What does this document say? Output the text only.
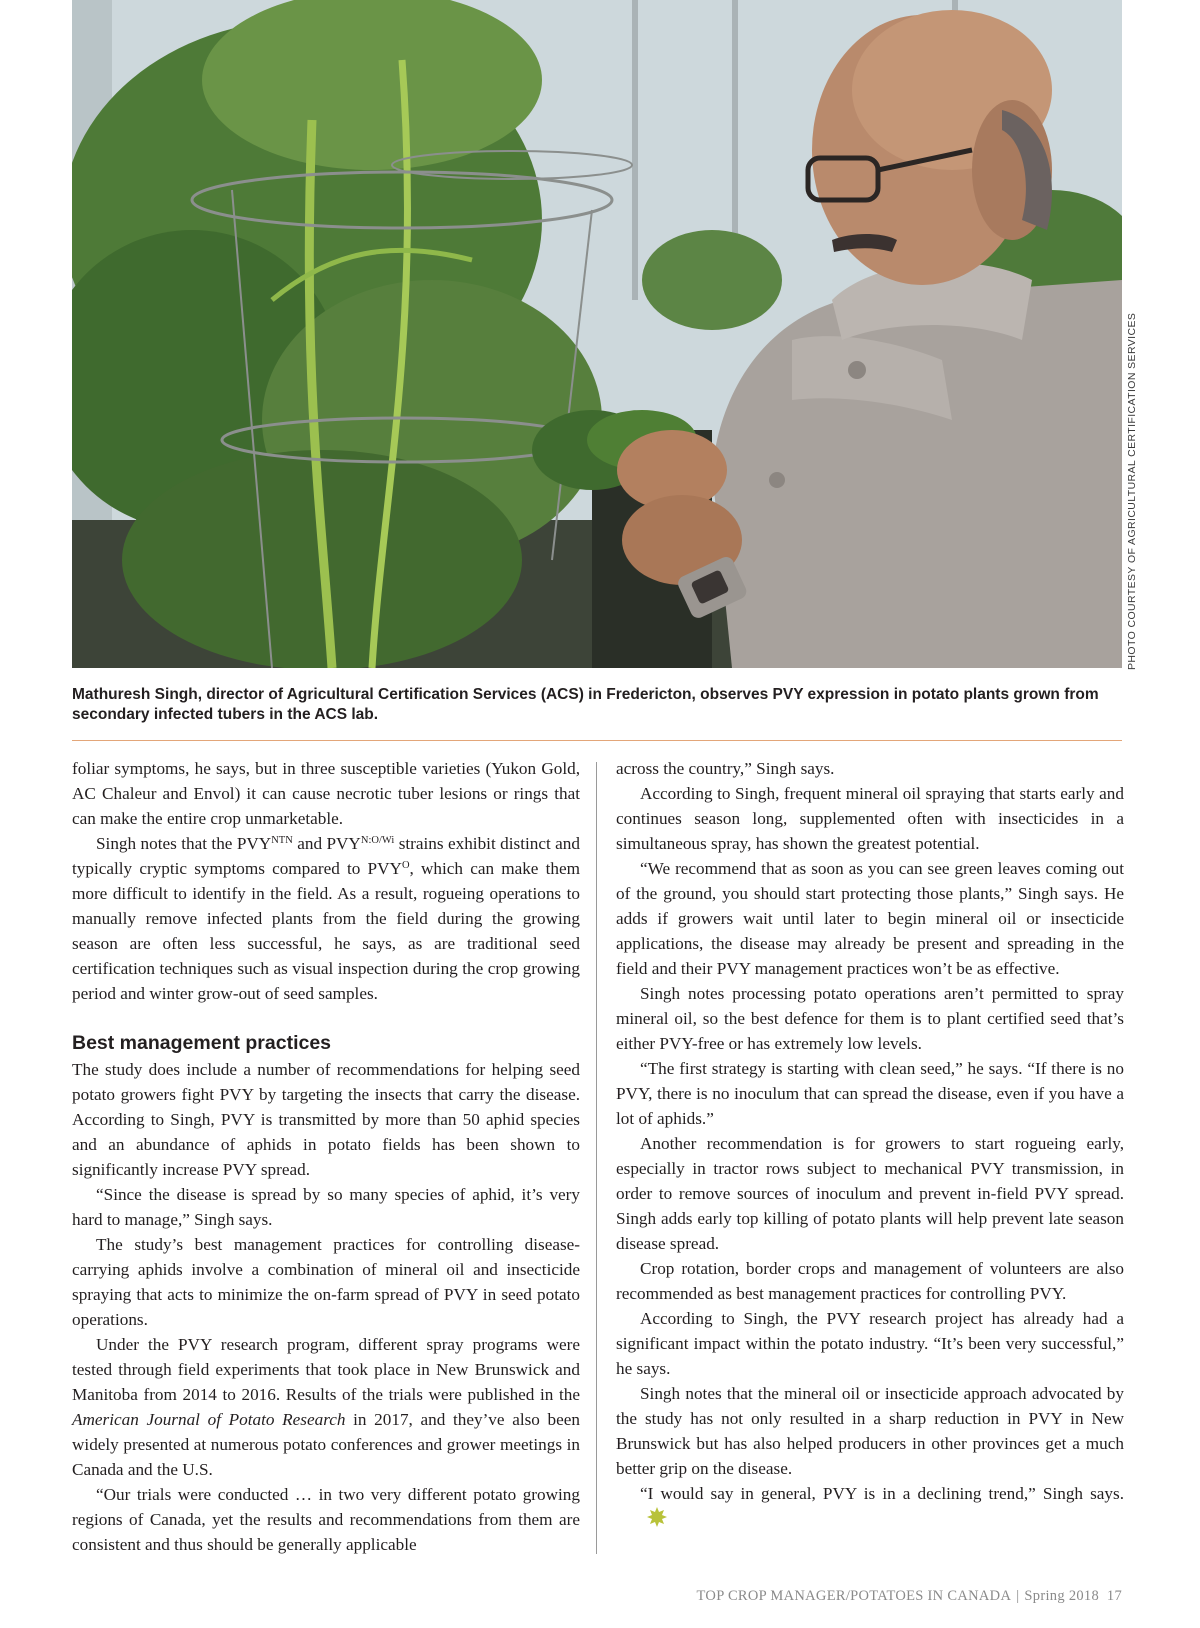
PHOTO COURTESY OF AGRICULTURAL CERTIFICATION SERVICES
Mathuresh Singh, director of Agricultural Certification Services (ACS) in Fredericton, observes PVY expression in potato plants grown from secondary infected tubers in the ACS lab.

foliar symptoms, he says, but in three susceptible varieties (Yukon Gold, AC Chaleur and Envol) it can cause necrotic tuber lesions or rings that can make the entire crop unmarketable.

Singh notes that the $PVY^{NTN}$ and $PVY^{N:O/Wi}$ strains exhibit distinct and typically cryptic symptoms compared to $PVY^O$, which can make them more difficult to identify in the field. As a result, rogueing operations to manually remove infected plants from the field during the growing season are often less successful, he says, as are traditional seed certification techniques such as visual inspection during the crop growing period and winter grow-out of seed samples.

Best management practices

The study does include a number of recommendations for helping seed potato growers fight PVY by targeting the insects that carry the disease. According to Singh, PVY is transmitted by more than 50 aphid species and an abundance of aphids in potato fields has been shown to significantly increase PVY spread.

“Since the disease is spread by so many species of aphid, it’s very hard to manage,” Singh says.

The study’s best management practices for controlling disease-carrying aphids involve a combination of mineral oil and insecticide spraying that acts to minimize the on-farm spread of PVY in seed potato operations.

Under the PVY research program, different spray programs were tested through field experiments that took place in New Brunswick and Manitoba from 2014 to 2016. Results of the trials were published in the American Journal of Potato Research in 2017, and they’ve also been widely presented at numerous potato conferences and grower meetings in Canada and the U.S.

“Our trials were conducted … in two very different potato growing regions of Canada, yet the results and recommendations from them are consistent and thus should be generally applicable

across the country,” Singh says.

According to Singh, frequent mineral oil spraying that starts early and continues season long, supplemented often with insecticides in a simultaneous spray, has shown the greatest potential.

“We recommend that as soon as you can see green leaves coming out of the ground, you should start protecting those plants,” Singh says. He adds if growers wait until later to begin mineral oil or insecticide applications, the disease may already be present and spreading in the field and their PVY management practices won’t be as effective.

Singh notes processing potato operations aren’t permitted to spray mineral oil, so the best defence for them is to plant certified seed that’s either PVY-free or has extremely low levels.

“The first strategy is starting with clean seed,” he says. “If there is no PVY, there is no inoculum that can spread the disease, even if you have a lot of aphids.”

Another recommendation is for growers to start rogueing early, especially in tractor rows subject to mechanical PVY transmission, in order to remove sources of inoculum and prevent in-field PVY spread. Singh adds early top killing of potato plants will help prevent late season disease spread.

Crop rotation, border crops and management of volunteers are also recommended as best management practices for controlling PVY.

According to Singh, the PVY research project has already had a significant impact within the potato industry. “It’s been very successful,” he says.

Singh notes that the mineral oil or insecticide approach advocated by the study has not only resulted in a sharp reduction in PVY in New Brunswick but has also helped producers in other provinces get a much better grip on the disease.

“I would say in general, PVY is in a declining trend,” Singh says.

TOP CROP MANAGER/POTATOES IN CANADA | Spring 2018 17
